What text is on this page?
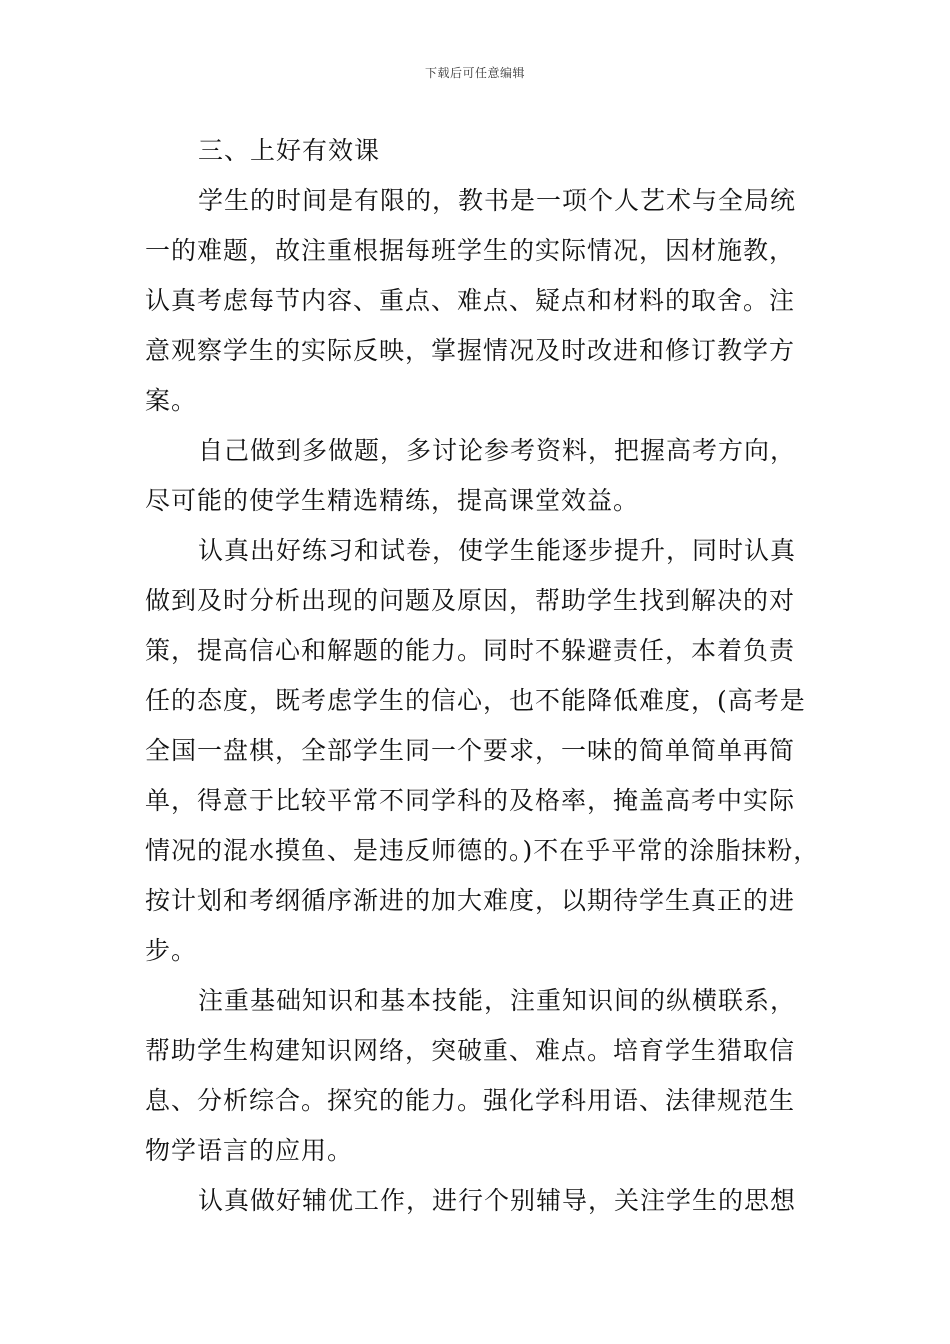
下载后可任意编辑
三、上好有效课
学生的时间是有限的，教书是一项个人艺术与全局统
一的难题，故注重根据每班学生的实际情况，因材施教，
认真考虑每节内容、重点、难点、疑点和材料的取舍。注
意观察学生的实际反映，掌握情况及时改进和修订教学方
案。
自己做到多做题，多讨论参考资料，把握高考方向，
尽可能的使学生精选精练，提高课堂效益。
认真出好练习和试卷，使学生能逐步提升，同时认真
做到及时分析出现的问题及原因，帮助学生找到解决的对
策，提高信心和解题的能力。同时不躲避责任，本着负责
任的态度，既考虑学生的信心，也不能降低难度，(高考是
全国一盘棋，全部学生同一个要求，一味的简单简单再简
单，得意于比较平常不同学科的及格率，掩盖高考中实际
情况的混水摸鱼、是违反师德的。)不在乎平常的涂脂抹粉，
按计划和考纲循序渐进的加大难度，以期待学生真正的进
步。
注重基础知识和基本技能，注重知识间的纵横联系，
帮助学生构建知识网络，突破重、难点。培育学生猎取信
息、分析综合。探究的能力。强化学科用语、法律规范生
物学语言的应用。
认真做好辅优工作，进行个别辅导，关注学生的思想
